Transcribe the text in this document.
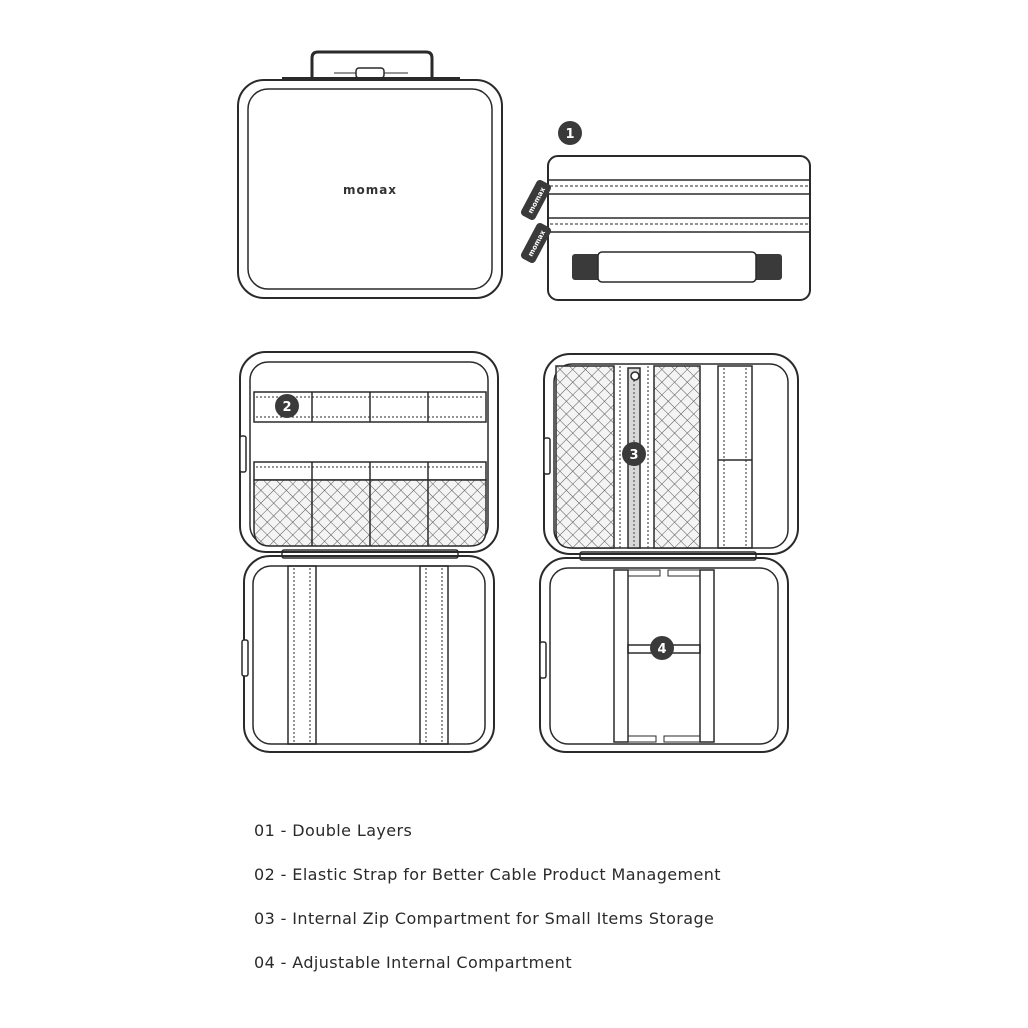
momax	momax
momax
1
2
3
4
01 - Double Layers
02 - Elastic Strap for Better Cable Product Management
03 - Internal Zip Compartment for Small Items Storage
04 - Adjustable Internal Compartment
